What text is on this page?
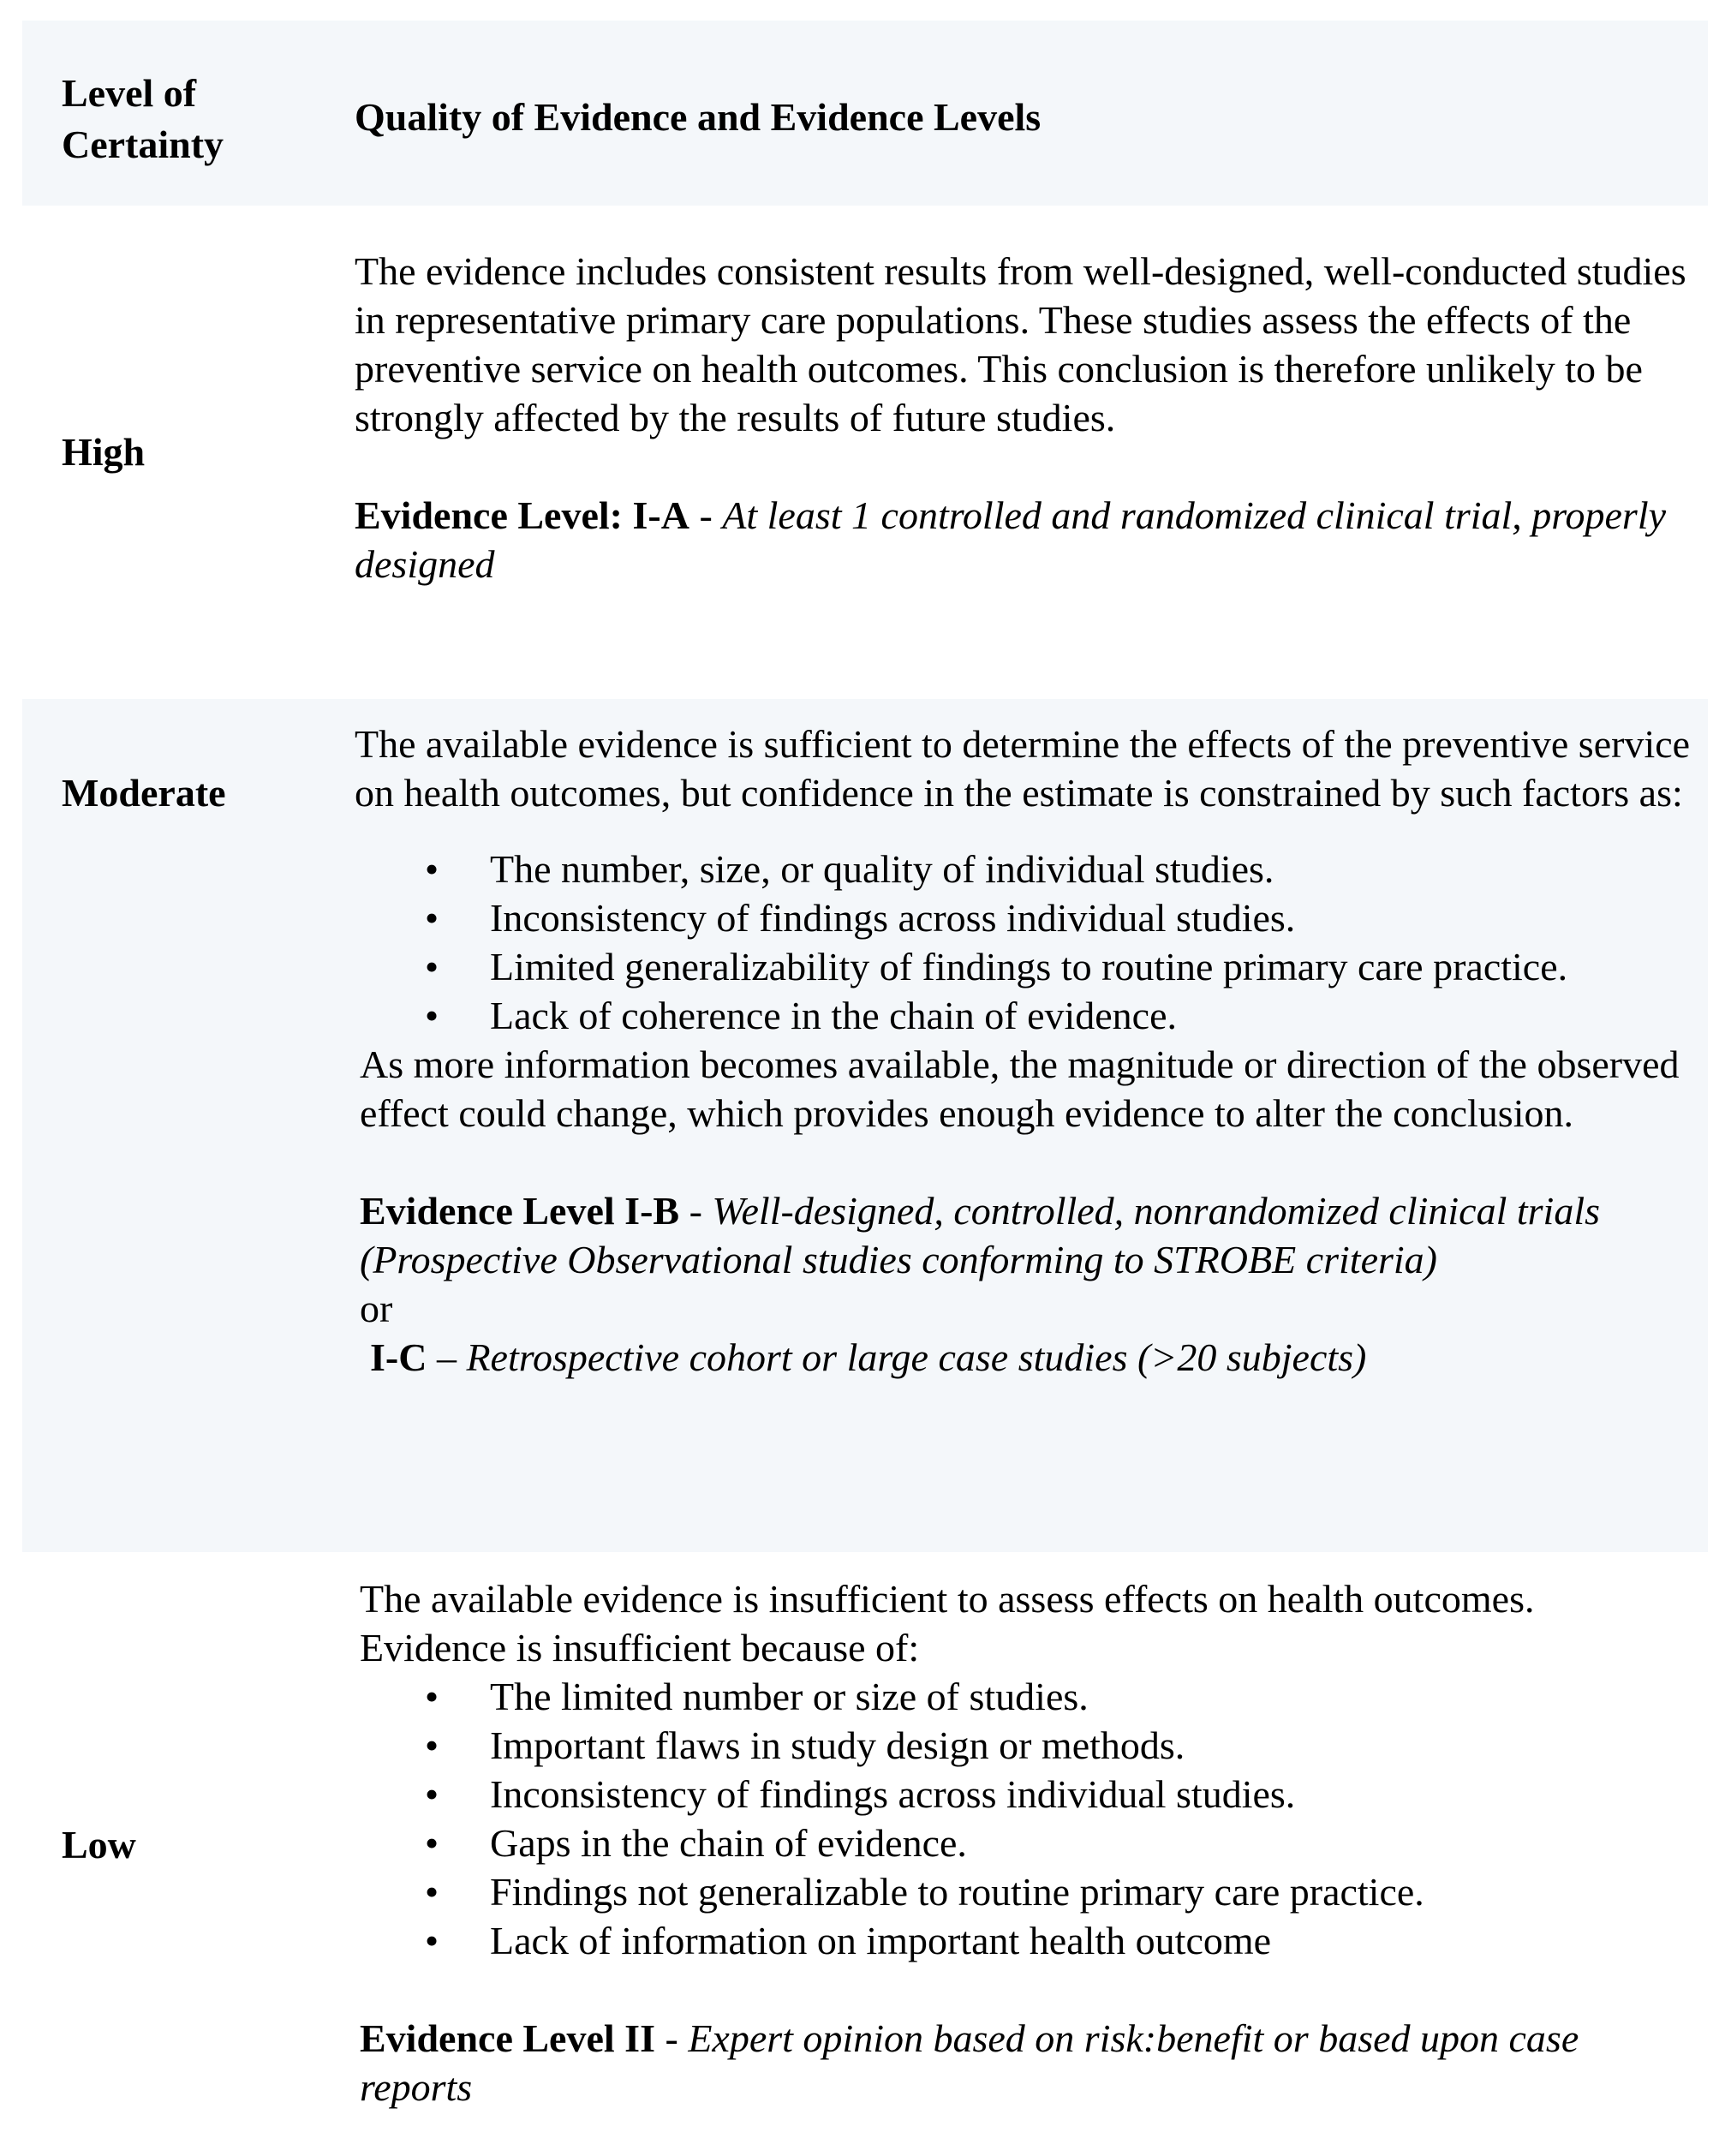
Level of Certainty
Quality of Evidence and Evidence Levels
High

The evidence includes consistent results from well-designed, well-conducted studies in representative primary care populations. These studies assess the effects of the preventive service on health outcomes. This conclusion is therefore unlikely to be strongly affected by the results of future studies.

Evidence Level: I-A - At least 1 controlled and randomized clinical trial, properly designed

Moderate

The available evidence is sufficient to determine the effects of the preventive service on health outcomes, but confidence in the estimate is constrained by such factors as:

• The number, size, or quality of individual studies.
• Inconsistency of findings across individual studies.
• Limited generalizability of findings to routine primary care practice.
• Lack of coherence in the chain of evidence.

As more information becomes available, the magnitude or direction of the observed effect could change, which provides enough evidence to alter the conclusion.

Evidence Level I-B - Well-designed, controlled, nonrandomized clinical trials (Prospective Observational studies conforming to STROBE criteria)

or

I-C – Retrospective cohort or large case studies (>20 subjects)

Low

The available evidence is insufficient to assess effects on health outcomes.

Evidence is insufficient because of:

• The limited number or size of studies.
• Important flaws in study design or methods.
• Inconsistency of findings across individual studies.
• Gaps in the chain of evidence.
• Findings not generalizable to routine primary care practice.
• Lack of information on important health outcome

Evidence Level II - Expert opinion based on risk:benefit or based upon case reports
